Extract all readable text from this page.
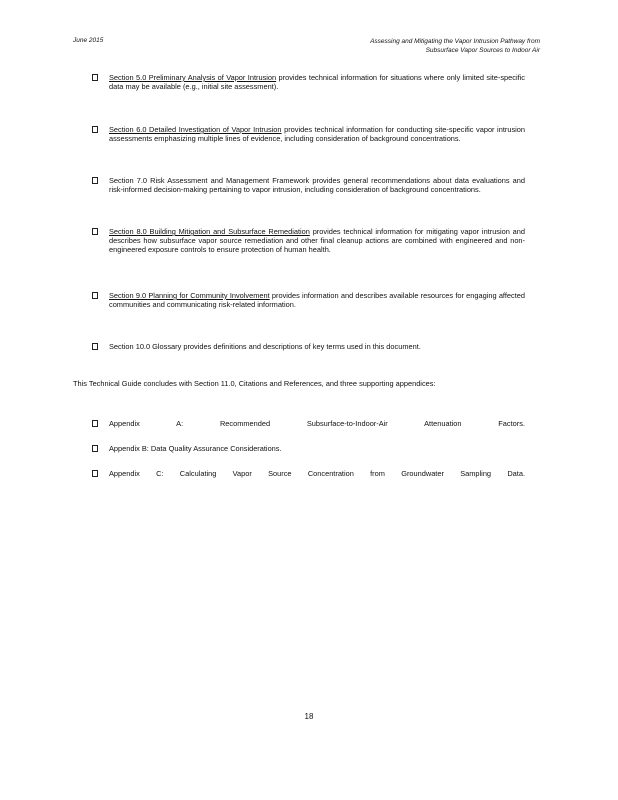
June 2015	Assessing and Mitigating the Vapor Intrusion Pathway from
Subsurface Vapor Sources to Indoor Air
Section 5.0 Preliminary Analysis of Vapor Intrusion provides technical information for situations where only limited site-specific data may be available (e.g., initial site assessment).
Section 6.0 Detailed Investigation of Vapor Intrusion provides technical information for conducting site-specific vapor intrusion assessments emphasizing multiple lines of evidence, including consideration of background concentrations.
Section 7.0 Risk Assessment and Management Framework provides general recommendations about data evaluations and risk-informed decision-making pertaining to vapor intrusion, including consideration of background concentrations.
Section 8.0 Building Mitigation and Subsurface Remediation provides technical information for mitigating vapor intrusion and describes how subsurface vapor source remediation and other final cleanup actions are combined with engineered and non-engineered exposure controls to ensure protection of human health.
Section 9.0 Planning for Community Involvement provides information and describes available resources for engaging affected communities and communicating risk-related information.
Section 10.0 Glossary provides definitions and descriptions of key terms used in this document.
This Technical Guide concludes with Section 11.0, Citations and References, and three supporting appendices:
Appendix A: Recommended Subsurface-to-Indoor-Air Attenuation Factors.
Appendix B: Data Quality Assurance Considerations.
Appendix C: Calculating Vapor Source Concentration from Groundwater Sampling Data.
18
